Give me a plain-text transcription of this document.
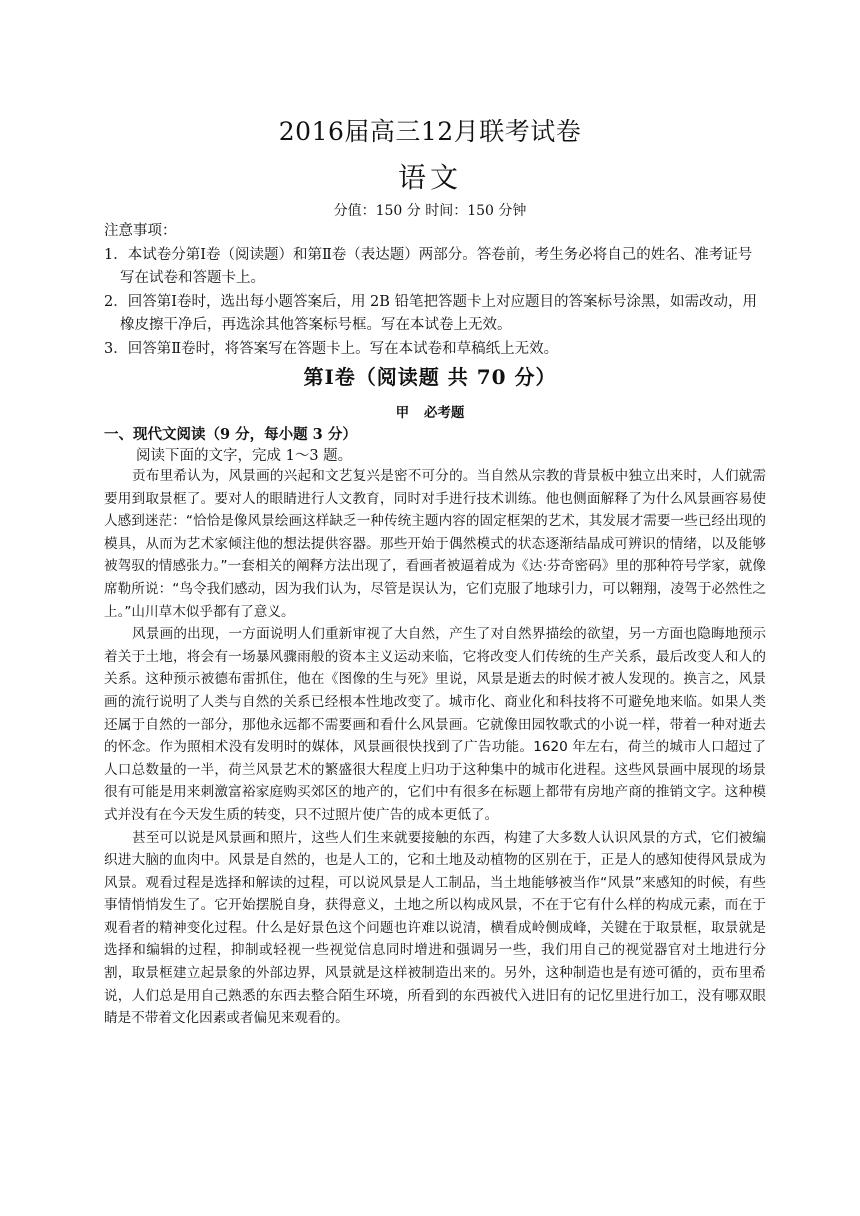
2016届高三12月联考试卷
语文
分值：150 分 时间：150 分钟
注意事项：
1．本试卷分第Ⅰ卷（阅读题）和第Ⅱ卷（表达题）两部分。答卷前，考生务必将自己的姓名、准考证号写在试卷和答题卡上。
2．回答第Ⅰ卷时，选出每小题答案后，用 2B 铅笔把答题卡上对应题目的答案标号涂黑，如需改动，用橡皮擦干净后，再选涂其他答案标号框。写在本试卷上无效。
3．回答第Ⅱ卷时，将答案写在答题卡上。写在本试卷和草稿纸上无效。
第Ⅰ卷（阅读题 共 70 分）
甲 必考题
一、现代文阅读（9 分，每小题 3 分）
阅读下面的文字，完成 1～3 题。

贡布里希认为，风景画的兴起和文艺复兴是密不可分的。当自然从宗教的背景板中独立出来时，人们就需要用到取景框了。要对人的眼睛进行人文教育，同时对手进行技术训练。他也侧面解释了为什么风景画容易使人感到迷茫：“恰恰是像风景绘画这样缺乏一种传统主题内容的固定框架的艺术，其发展才需要一些已经出现的模具，从而为艺术家倾注他的想法提供容器。那些开始于偶然模式的状态逐渐结晶成可辨识的情绪，以及能够被驾驭的情感张力。”一套相关的阐释方法出现了，看画者被逼着成为《达·芬奇密码》里的那种符号学家，就像席勒所说：“鸟令我们感动，因为我们认为，尽管是误认为，它们克服了地球引力，可以翱翔，凌驾于必然性之上。”山川草木似乎都有了意义。

风景画的出现，一方面说明人们重新审视了大自然，产生了对自然界描绘的欲望，另一方面也隐晦地预示着关于土地，将会有一场暴风骤雨般的资本主义运动来临，它将改变人们传统的生产关系，最后改变人和人的关系。这种预示被德布雷抓住，他在《图像的生与死》里说，风景是逝去的时候才被人发现的。换言之，风景画的流行说明了人类与自然的关系已经根本性地改变了。城市化、商业化和科技将不可避免地来临。如果人类还属于自然的一部分，那他永远都不需要画和看什么风景画。它就像田园牧歌式的小说一样，带着一种对逝去的怀念。作为照相术没有发明时的媒体，风景画很快找到了广告功能。1620 年左右，荷兰的城市人口超过了人口总数量的一半，荷兰风景艺术的繁盛很大程度上归功于这种集中的城市化进程。这些风景画中展现的场景很有可能是用来刺激富裕家庭购买郊区的地产的，它们中有很多在标题上都带有房地产商的推销文字。这种模式并没有在今天发生质的转变，只不过照片使广告的成本更低了。

甚至可以说是风景画和照片，这些人们生来就要接触的东西，构建了大多数人认识风景的方式，它们被编织进大脑的血肉中。风景是自然的，也是人工的，它和土地及动植物的区别在于，正是人的感知使得风景成为风景。观看过程是选择和解读的过程，可以说风景是人工制品，当土地能够被当作“风景”来感知的时候，有些事情悄悄发生了。它开始摆脱自身，获得意义，土地之所以构成风景，不在于它有什么样的构成元素，而在于观看者的精神变化过程。什么是好景色这个问题也许难以说清，横看成岭侧成峰，关键在于取景框，取景就是选择和编辑的过程，抑制或轻视一些视觉信息同时增进和强调另一些，我们用自己的视觉器官对土地进行分割，取景框建立起景象的外部边界，风景就是这样被制造出来的。另外，这种制造也是有迹可循的，贡布里希说，人们总是用自己熟悉的东西去整合陌生环境，所看到的东西被代入进旧有的记忆里进行加工，没有哪双眼睛是不带着文化因素或者偏见来观看的。
